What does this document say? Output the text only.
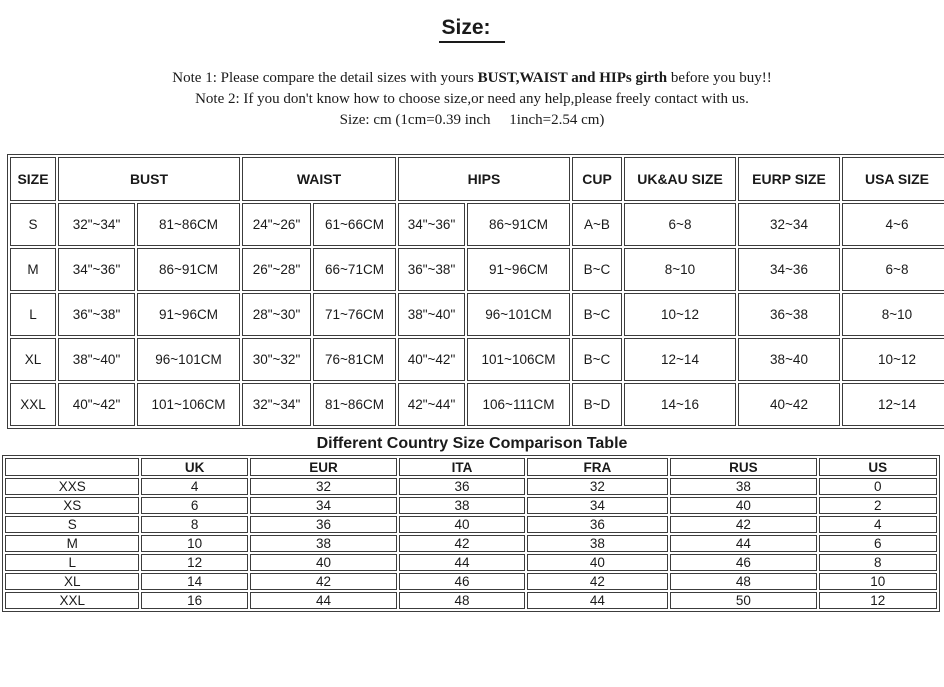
Size:

Note 1: Please compare the detail sizes with yours BUST,WAIST and HIPs girth before you buy!!

Note 2: If you don't know how to choose size,or need any help,please freely contact with us.

Size: cm (1cm=0.39 inch     1inch=2.54 cm)

SIZE	BUST		WAIST		HIPS		CUP	UK&AU SIZE	EURP SIZE	USA SIZE
S	32"~34"	81~86CM	24"~26"	61~66CM	34"~36"	86~91CM	A~B	6~8	32~34	4~6
M	34"~36"	86~91CM	26"~28"	66~71CM	36"~38"	91~96CM	B~C	8~10	34~36	6~8
L	36"~38"	91~96CM	28"~30"	71~76CM	38"~40"	96~101CM	B~C	10~12	36~38	8~10
XL	38"~40"	96~101CM	30"~32"	76~81CM	40"~42"	101~106CM	B~C	12~14	38~40	10~12
XXL	40"~42"	101~106CM	32"~34"	81~86CM	42"~44"	106~111CM	B~D	14~16	40~42	12~14
Different Country Size Comparison Table
	UK	EUR	ITA	FRA	RUS	US
XXS	4	32	36	32	38	0
XS	6	34	38	34	40	2
S	8	36	40	36	42	4
M	10	38	42	38	44	6
L	12	40	44	40	46	8
XL	14	42	46	42	48	10
XXL	16	44	48	44	50	12
